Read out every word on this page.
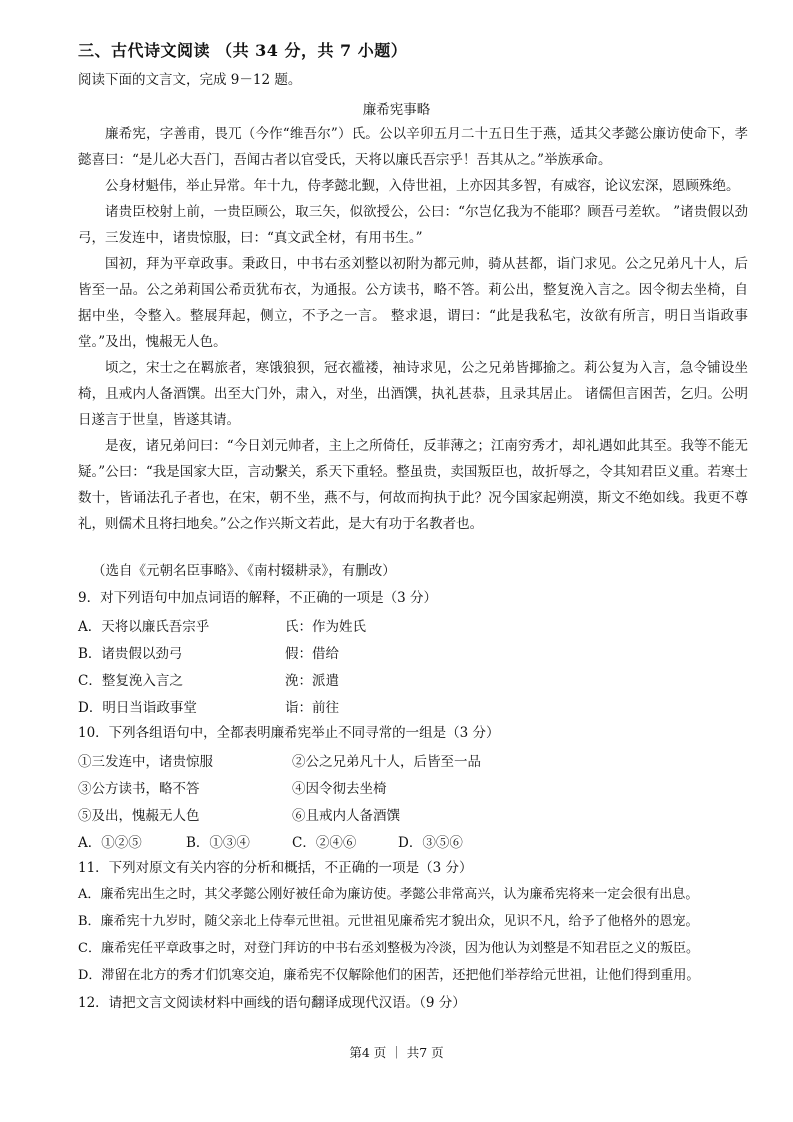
三、古代诗文阅读 （共 34 分，共 7 小题）
阅读下面的文言文，完成 9－12 题。
廉希宪事略

廉希宪，字善甫，畏兀（今作“维吾尔”）氏。公以辛卯五月二十五日生于燕，适其父孝懿公廉访使命下，孝懿喜曰：“是儿必大吾门，吾闻古者以官受氏，天将以廉氏吾宗乎！吾其从之。”举族承命。

公身材魁伟，举止异常。年十九，侍孝懿北觐，入侍世祖，上亦因其多智，有威容，论议宏深，恩顾殊绝。

诸贵臣校射上前，一贵臣顾公，取三矢，似欲授公，公曰：“尔岂亿我为不能耶？顾吾弓差软。 ”诸贵假以劲弓，三发连中，诸贵惊服，曰：“真文武全材，有用书生。”

国初，拜为平章政事。秉政日，中书右丞刘整以初附为都元帅，骑从甚都，诣门求见。公之兄弟凡十人，后皆至一品。公之弟莉国公希贡犹布衣，为通报。公方读书，略不答。莉公出，整复浼入言之。因令彻去坐椅，自据中坐，令整入。整展拜起，侧立，不予之一言。 整求退，谓曰：“此是我私宅，汝欲有所言，明日当诣政事堂。”及出，愧赧无人色。

顷之，宋士之在羁旅者，寒饿狼狈，冠衣褴褛，袖诗求见，公之兄弟皆揶揄之。莉公复为入言，急令铺设坐椅，且戒内人备酒馔。出至大门外，肃入，对坐，出酒馔，执礼甚恭，且录其居止。 诸儒但言困苦，乞归。公明日遂言于世皇，皆遂其请。

是夜，诸兄弟问曰：“今日刘元帅者，主上之所倚任，反菲薄之；江南穷秀才，却礼遇如此其至。我等不能无疑。”公曰：“我是国家大臣，言动繫关，系天下重轻。整虽贵，卖国叛臣也，故折辱之，令其知君臣义重。若寒士数十，皆诵法孔子者也，在宋，朝不坐，燕不与，何故而拘执于此？况今国家起朔漠，斯文不绝如线。我更不尊礼，则儒术且将扫地矣。”公之作兴斯文若此，是大有功于名教者也。

（选自《元朝名臣事略》、《南村辍耕录》，有删改）
9．对下列语句中加点词语的解释，不正确的一项是（3 分）
A．天将以廉氏吾宗乎	氏：作为姓氏
B．诸贵假以劲弓	假：借给
C．整复浼入言之	浼：派遣
D．明日当诣政事堂	诣：前往
10．下列各组语句中，全都表明廉希宪举止不同寻常的一组是（3 分）
①三发连中，诸贵惊服	②公之兄弟凡十人，后皆至一品
③公方读书，略不答	④因令彻去坐椅
⑤及出，愧赧无人色	⑥且戒内人备酒馔
A．①②⑤	B．①③④	C．②④⑥	D．③⑤⑥
11．下列对原文有关内容的分析和概括，不正确的一项是（3 分）
A．廉希宪出生之时，其父孝懿公刚好被任命为廉访使。孝懿公非常高兴，认为廉希宪将来一定会很有出息。
B．廉希宪十九岁时，随父亲北上侍奉元世祖。元世祖见廉希宪才貌出众，见识不凡，给予了他格外的恩宠。
C．廉希宪任平章政事之时，对登门拜访的中书右丞刘整极为冷淡，因为他认为刘整是不知君臣之义的叛臣。
D．滞留在北方的秀才们饥寒交迫，廉希宪不仅解除他们的困苦，还把他们举荐给元世祖，让他们得到重用。
12．请把文言文阅读材料中画线的语句翻译成现代汉语。（9 分）
第4 页 ｜ 共7 页
